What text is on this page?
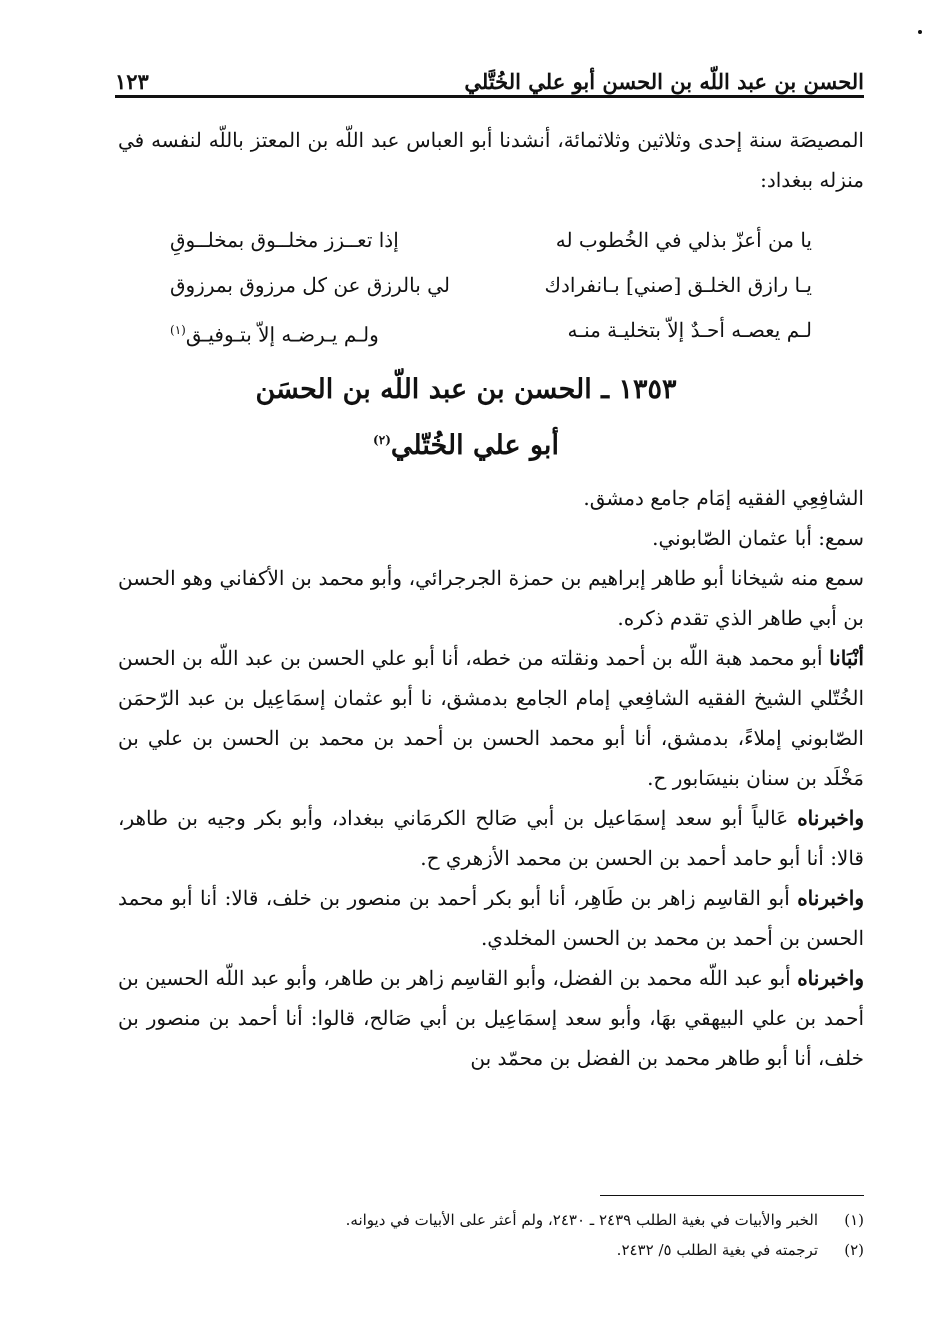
الحسن بن عبد اللّه بن الحسن أبو علي الخُتَّلي
١٢٣

المصيصَة سنة إحدى وثلاثين وثلاثمائة، أنشدنا أبو العباس عبد اللّه بن المعتز باللّه لنفسه في منزله ببغداد:

يا من أعزّ بذلي في الخُطوب له
إذا تعــزز مخلــوق بمخلــوقِ
يـا رازق الخلـق [صني] بـانفرادك
لي بالرزق عن كل مرزوق بمرزوق
لـم يعصـه أحـدٌ إلاّ بتخليـة منـه
ولـم يـرضـه إلاّ بتـوفيـق$^{(١)}$
١٣٥٣ ـ الحسن بن عبد اللّه بن الحسَن
أبو علي الخُتّلي$^{(٢)}$

الشافِعِي الفقيه إمَام جامع دمشق.

سمع: أبا عثمان الصّابوني.

سمع منه شيخانا أبو طاهر إبراهيم بن حمزة الجرجرائي، وأبو محمد بن الأكفاني وهو الحسن بن أبي طاهر الذي تقدم ذكره.

أنْبَانا أبو محمد هبة اللّه بن أحمد ونقلته من خطه، أنا أبو علي الحسن بن عبد اللّه بن الحسن الخُتّلي الشيخ الفقيه الشافِعي إمام الجامع بدمشق، نا أبو عثمان إسمَاعِيل بن عبد الرّحمَن الصّابوني إملاءً، بدمشق، أنا أبو محمد الحسن بن أحمد بن محمد بن الحسن بن علي بن مَخْلَد بن سنان بنيسَابور ح.

واخبرناه عَالياً أبو سعد إسمَاعيل بن أبي صَالح الكرمَاني ببغداد، وأبو بكر وجيه بن طاهر، قالا: أنا أبو حامد أحمد بن الحسن بن محمد الأزهري ح.

واخبرناه أبو القاسِم زاهر بن طَاهِر، أنا أبو بكر أحمد بن منصور بن خلف، قالا: أنا أبو محمد الحسن بن أحمد بن محمد بن الحسن المخلدي.

واخبرناه أبو عبد اللّه محمد بن الفضل، وأبو القاسِم زاهر بن طاهر، وأبو عبد اللّه الحسين بن أحمد بن علي البيهقي بهَا، وأبو سعد إسمَاعِيل بن أبي صَالح، قالوا: أنا أحمد بن منصور بن خلف، أنا أبو طاهر محمد بن الفضل بن محمّد بن

(١)
الخبر والأبيات في بغية الطلب ٢٤٣٩ ـ ٢٤٣٠، ولم أعثر على الأبيات في ديوانه.
(٢)
ترجمته في بغية الطلب ٥/ ٢٤٣٢.
